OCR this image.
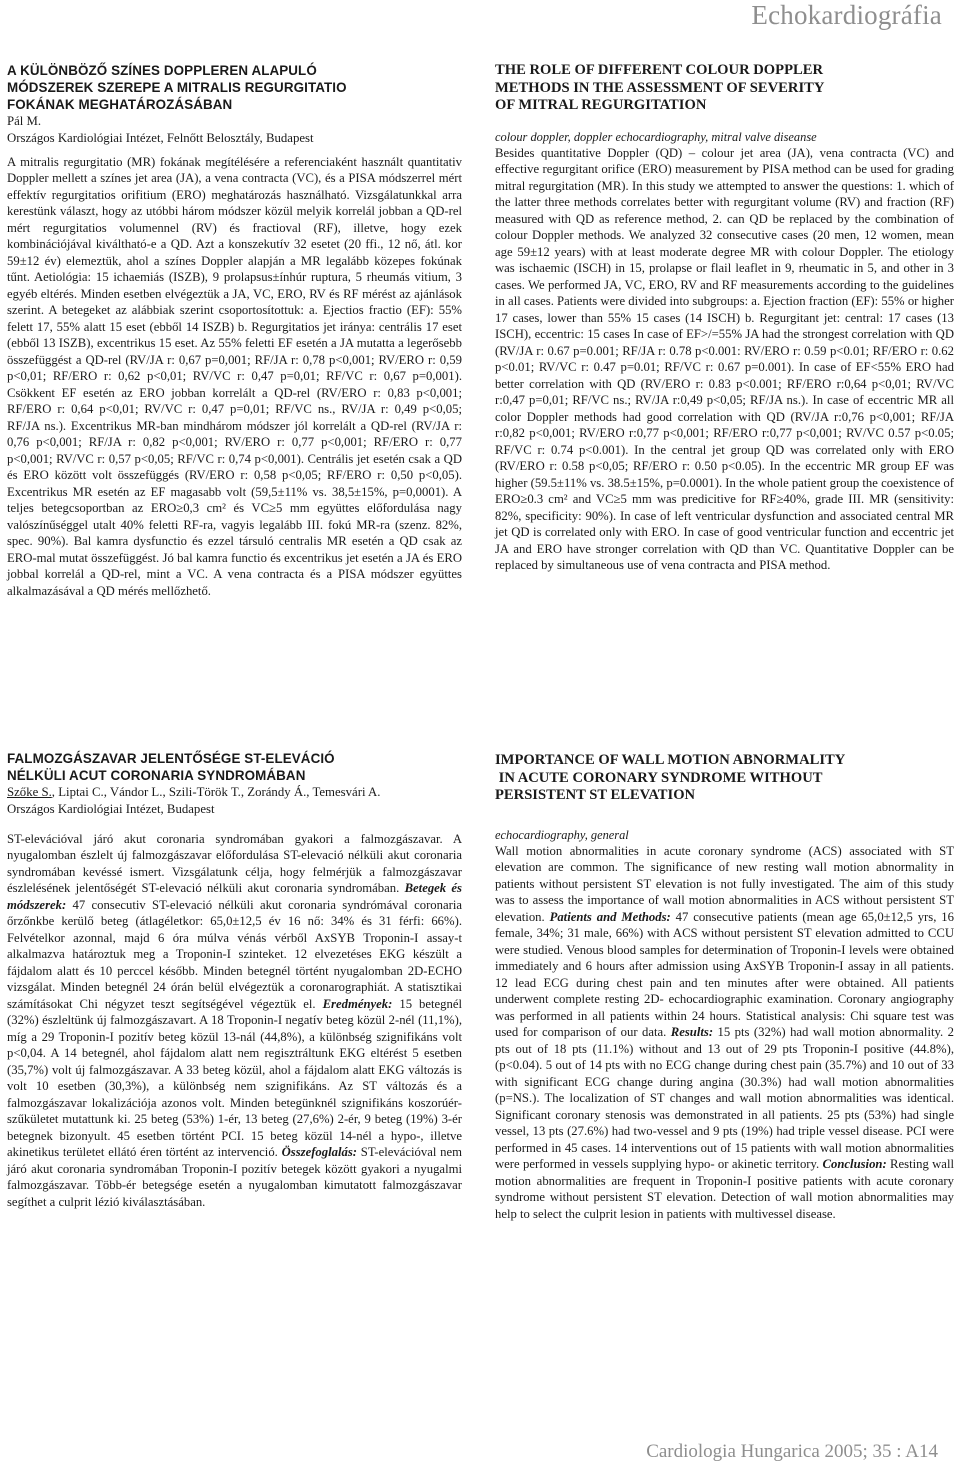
Echokardiográfia
A KÜLÖNBÖZŐ SZÍNES DOPPLEREN ALAPULÓ
MÓDSZEREK SZEREPE A MITRALIS REGURGITATIO
FOKÁNAK MEGHATÁROZÁSÁBAN
Pál M.
Országos Kardiológiai Intézet, Felnőtt Belosztály, Budapest
A mitralis regurgitatio (MR) fokának megítélésére a referenciaként használt quantitativ Doppler mellett a színes jet area (JA), a vena contracta (VC), és a PISA módszerrel mért effektív regurgitatios orifitium (ERO) meghatározás használható. Vizsgálatunkkal arra kerestünk választ, hogy az utóbbi három módszer közül melyik korrelál jobban a QD-rel mért regurgitatios volumennel (RV) és fractioval (RF), illetve, hogy ezek kombinációjával kiváltható-e a QD. Azt a konszekutív 32 esetet (20 ffi., 12 nő, átl. kor 59±12 év) elemeztük, ahol a színes Doppler alapján a MR legalább közepes fokúnak tűnt. Aetiológia: 15 ichaemiás (ISZB), 9 prolapsus±ínhúr ruptura, 5 rheumás vitium, 3 egyéb eltérés. Minden esetben elvégeztük a JA, VC, ERO, RV és RF mérést az ajánlások szerint. A betegeket az alábbiak szerint csoportosítottuk: a. Ejectios fractio (EF): 55% felett 17, 55% alatt 15 eset (ebből 14 ISZB) b. Regurgitatios jet iránya: centrális 17 eset (ebből 13 ISZB), excentrikus 15 eset. Az 55% feletti EF esetén a JA mutatta a legerősebb összefüggést a QD-rel (RV/JA r: 0,67 p=0,001; RF/JA r: 0,78 p<0,001; RV/ERO r: 0,59 p<0,01; RF/ERO r: 0,62 p<0,01; RV/VC r: 0,47 p=0,01; RF/VC r: 0,67 p=0,001). Csökkent EF esetén az ERO jobban korrelált a QD-rel (RV/ERO r: 0,83 p<0,001; RF/ERO r: 0,64 p<0,01; RV/VC r: 0,47 p=0,01; RF/VC ns., RV/JA r: 0,49 p<0,05; RF/JA ns.). Excentrikus MR-ban mindhárom módszer jól korrelált a QD-rel (RV/JA r: 0,76 p<0,001; RF/JA r: 0,82 p<0,001; RV/ERO r: 0,77 p<0,001; RF/ERO r: 0,77 p<0,001; RV/VC r: 0,57 p<0,05; RF/VC r: 0,74 p<0,001). Centrális jet esetén csak a QD és ERO között volt összefüggés (RV/ERO r: 0,58 p<0,05; RF/ERO r: 0,50 p<0,05). Excentrikus MR esetén az EF magasabb volt (59,5±11% vs. 38,5±15%, p=0,0001). A teljes betegcsoportban az ERO≥0,3 cm² és VC≥5 mm együttes előfordulása nagy valószínűséggel utalt 40% feletti RF-ra, vagyis legalább III. fokú MR-ra (szenz. 82%, spec. 90%). Bal kamra dysfunctio és ezzel társuló centralis MR esetén a QD csak az ERO-mal mutat összefüggést. Jó bal kamra functio és excentrikus jet esetén a JA és ERO jobbal korrelál a QD-rel, mint a VC. A vena contracta és a PISA módszer együttes alkalmazásával a QD mérés mellőzhető.
THE ROLE OF DIFFERENT COLOUR DOPPLER
METHODS IN THE ASSESSMENT OF SEVERITY
OF MITRAL REGURGITATION
colour doppler, doppler echocardiography, mitral valve diseanse
Besides quantitative Doppler (QD) – colour jet area (JA), vena contracta (VC) and effective regurgitant orifice (ERO) measurement by PISA method can be used for grading mitral regurgitation (MR). In this study we attempted to answer the questions: 1. which of the latter three methods correlates better with regurgitant volume (RV) and fraction (RF) measured with QD as reference method, 2. can QD be replaced by the combination of colour Doppler methods. We analyzed 32 consecutive cases (20 men, 12 women, mean age 59±12 years) with at least moderate degree MR with colour Doppler. The etiology was ischaemic (ISCH) in 15, prolapse or flail leaflet in 9, rheumatic in 5, and other in 3 cases. We performed JA, VC, ERO, RV and RF measurements according to the guidelines in all cases. Patients were divided into subgroups: a. Ejection fraction (EF): 55% or higher 17 cases, lower than 55% 15 cases (14 ISCH) b. Regurgitant jet: central: 17 cases (13 ISCH), eccentric: 15 cases In case of EF>/=55% JA had the strongest correlation with QD (RV/JA r: 0.67 p=0.001; RF/JA r: 0.78 p<0.001: RV/ERO r: 0.59 p<0.01; RF/ERO r: 0.62 p<0.01; RV/VC r: 0.47 p=0.01; RF/VC r: 0.67 p=0.001). In case of EF<55% ERO had better correlation with QD (RV/ERO r: 0.83 p<0.001; RF/ERO r:0,64 p<0,01; RV/VC r:0,47 p=0,01; RF/VC ns.; RV/JA r:0,49 p<0,05; RF/JA ns.). In case of eccentric MR all color Doppler methods had good correlation with QD (RV/JA r:0,76 p<0,001; RF/JA r:0,82 p<0,001; RV/ERO r:0,77 p<0,001; RF/ERO r:0,77 p<0,001; RV/VC 0.57 p<0.05; RF/VC r: 0.74 p<0.001). In the central jet group QD was correlated only with ERO (RV/ERO r: 0.58 p<0,05; RF/ERO r: 0.50 p<0.05). In the eccentric MR group EF was higher (59.5±11% vs. 38.5±15%, p=0.0001). In the whole patient group the coexistence of ERO≥0.3 cm² and VC≥5 mm was predicitive for RF≥40%, grade III. MR (sensitivity: 82%, specificity: 90%). In case of left ventricular dysfunction and associated central MR jet QD is correlated only with ERO. In case of good ventricular function and eccentric jet JA and ERO have stronger correlation with QD than VC. Quantitative Doppler can be replaced by simultaneous use of vena contracta and PISA method.
FALMOZGÁSZAVAR JELENTŐSÉGE ST-ELEVÁCIÓ
NÉLKÜLI ACUT CORONARIA SYNDROMÁBAN
Szőke S., Liptai C., Vándor L., Szili-Török T., Zorándy Á., Temesvári A.
Országos Kardiológiai Intézet, Budapest
ST-elevációval járó akut coronaria syndromában gyakori a falmozgászavar. A nyugalomban észlelt új falmozgászavar előfordulása ST-elevació nélküli akut coronaria syndromában kevéssé ismert. Vizsgálatunk célja, hogy felmérjük a falmozgászavar észlelésének jelentőségét ST-elevació nélküli akut coronaria syndromában. Betegek és módszerek: 47 consecutiv ST-elevació nélküli akut coronaria syndrómával coronaria őrzőnkbe kerülő beteg (átlagéletkor: 65,0±12,5 év 16 nő: 34% és 31 férfi: 66%). Felvételkor azonnal, majd 6 óra múlva vénás vérből AxSYB Troponin-I assay-t alkalmazva határoztuk meg a Troponin-I szinteket. 12 elvezetéses EKG készült a fájdalom alatt és 10 perccel később. Minden betegnél történt nyugalomban 2D-ECHO vizsgálat. Minden betegnél 24 órán belül elvégeztük a coronarographiát. A statisztikai számításokat Chi négyzet teszt segítségével végeztük el. Eredmények: 15 betegnél (32%) észleltünk új falmozgászavart. A 18 Troponin-I negatív beteg közül 2-nél (11,1%), míg a 29 Troponin-I pozitív beteg közül 13-nál (44,8%), a különbség szignifikáns volt p<0,04. A 14 betegnél, ahol fájdalom alatt nem regisztráltunk EKG eltérést 5 esetben (35,7%) volt új falmozgászavar. A 33 beteg közül, ahol a fájdalom alatt EKG változás is volt 10 esetben (30,3%), a különbség nem szignifikáns. Az ST változás és a falmozgászavar lokalizációja azonos volt. Minden betegünknél szignifikáns koszorúér-szűkületet mutattunk ki. 25 beteg (53%) 1-ér, 13 beteg (27,6%) 2-ér, 9 beteg (19%) 3-ér betegnek bizonyult. 45 esetben történt PCI. 15 beteg közül 14-nél a hypo-, illetve akinetikus területet ellátó éren történt az intervenció. Összefoglalás: ST-elevációval nem járó akut coronaria syndromában Troponin-I pozitív betegek között gyakori a nyugalmi falmozgászavar. Több-ér betegsége esetén a nyugalomban kimutatott falmozgászavar segíthet a culprit lézió kiválasztásában.
IMPORTANCE OF WALL MOTION ABNORMALITY
IN ACUTE CORONARY SYNDROME WITHOUT
PERSISTENT ST ELEVATION
echocardiography, general
Wall motion abnormalities in acute coronary syndrome (ACS) associated with ST elevation are common. The significance of new resting wall motion abnormality in patients without persistent ST elevation is not fully investigated. The aim of this study was to assess the importance of wall motion abnormalities in ACS without persistent ST elevation. Patients and Methods: 47 consecutive patients (mean age 65,0±12,5 yrs, 16 female, 34%; 31 male, 66%) with ACS without persistent ST elevation admitted to CCU were studied. Venous blood samples for determination of Troponin-I levels were obtained immediately and 6 hours after admission using AxSYB Troponin-I assay in all patients. 12 lead ECG during chest pain and ten minutes after were obtained. All patients underwent complete resting 2D- echocardiographic examination. Coronary angiography was performed in all patients within 24 hours. Statistical analysis: Chi square test was used for comparison of our data. Results: 15 pts (32%) had wall motion abnormality. 2 pts out of 18 pts (11.1%) without and 13 out of 29 pts Troponin-I positive (44.8%),(p<0.04). 5 out of 14 pts with no ECG change during chest pain (35.7%) and 10 out of 33 with significant ECG change during angina (30.3%) had wall motion abnormalities (p=NS.). The localization of ST changes and wall motion abnormalities was identical. Significant coronary stenosis was demonstrated in all patients. 25 pts (53%) had single vessel, 13 pts (27.6%) had two-vessel and 9 pts (19%) had triple vessel disease. PCI were performed in 45 cases. 14 interventions out of 15 patients with wall motion abnormalities were performed in vessels supplying hypo- or akinetic territory. Conclusion: Resting wall motion abnormalities are frequent in Troponin-I positive patients with acute coronary syndrome without persistent ST elevation. Detection of wall motion abnormalities may help to select the culprit lesion in patients with multivessel disease.
Cardiologia Hungarica 2005; 35 : A14
